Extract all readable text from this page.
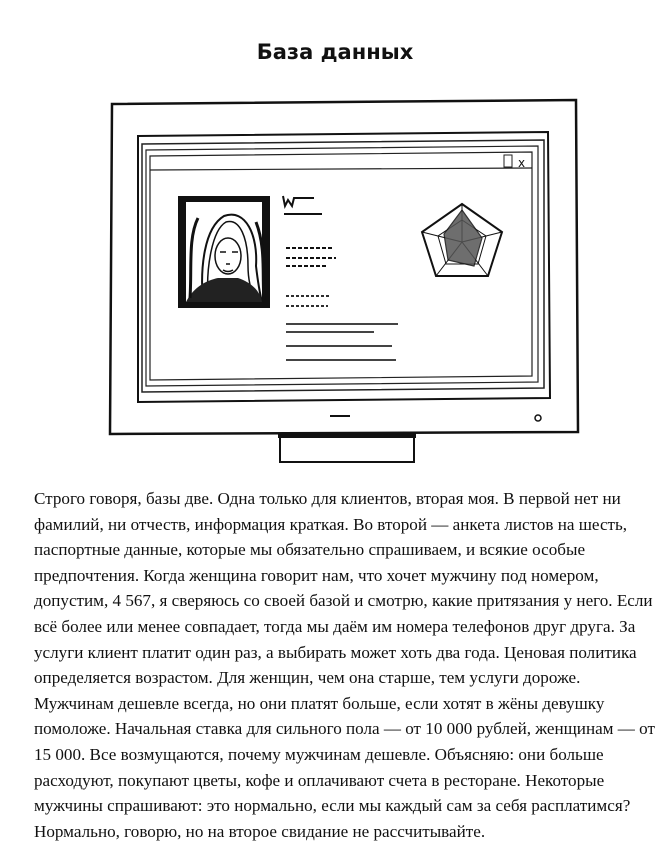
База данных
x

Строго говоря, базы две. Одна только для клиентов, вторая моя. В первой нет ни фамилий, ни отчеств, информация краткая. Во второй — анкета листов на шесть, паспортные данные, которые мы обязательно спрашиваем, и всякие особые предпочтения. Когда женщина говорит нам, что хочет мужчину под номером, допустим, 4 567, я сверяюсь со своей базой и смотрю, какие притязания у него. Если всё более или менее совпадает, тогда мы даём им номера телефонов друг друга. За услуги клиент платит один раз, а выбирать может хоть два года. Ценовая политика определяется возрастом. Для женщин, чем она старше, тем услуги дороже. Мужчинам дешевле всегда, но они платят больше, если хотят в жёны девушку помоложе. Начальная ставка для сильного пола — от 10 000 рублей, женщинам — от 15 000. Все возмущаются, почему мужчинам дешевле. Объясняю: они больше расходуют, покупают цветы, кофе и оплачивают счета в ресторане. Некоторые мужчины спрашивают: это нормально, если мы каждый сам за себя расплатимся? Нормально, говорю, но на второе свидание не рассчитывайте.
